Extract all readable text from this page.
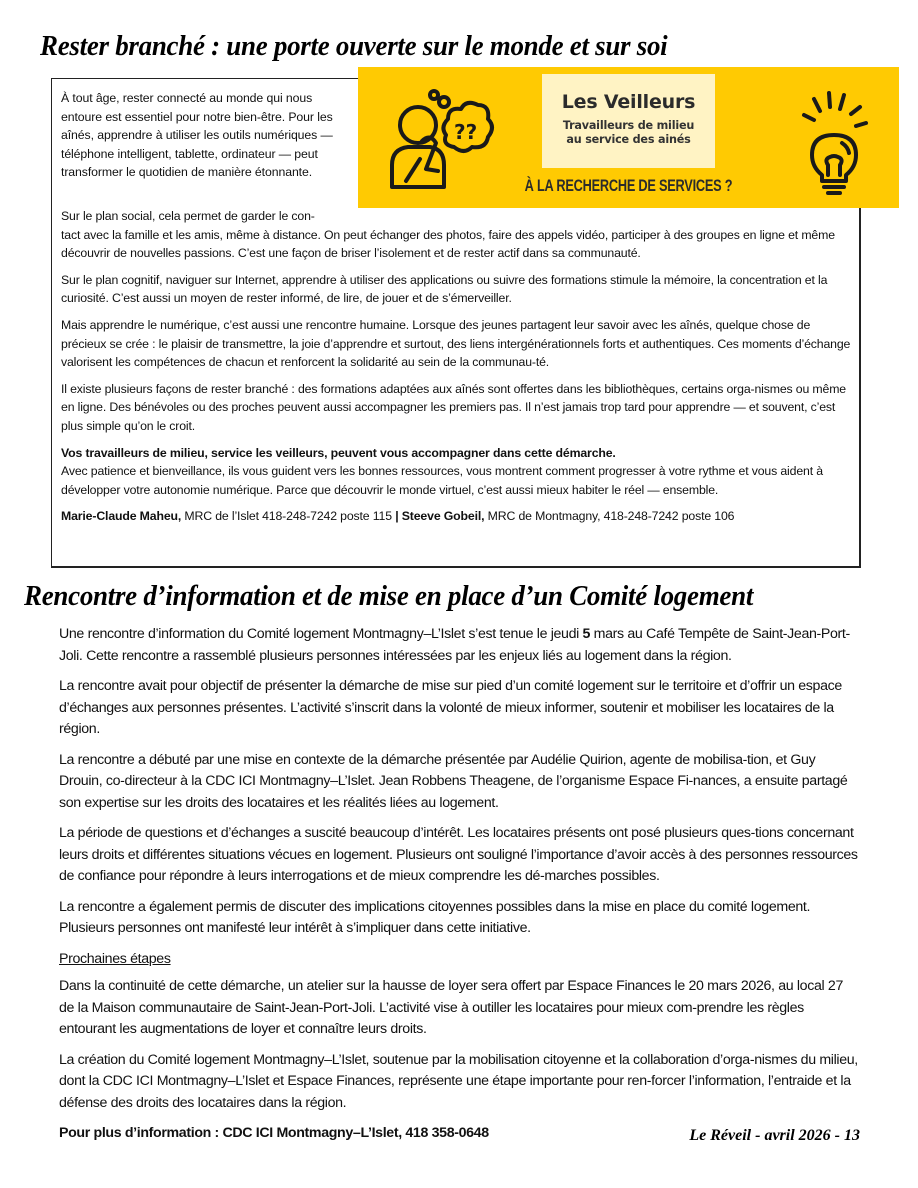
Rester branché : une porte ouverte sur le monde et sur soi

À tout âge, rester connecté au monde qui nous entoure est essentiel pour notre bien-être. Pour les aînés, apprendre à utiliser les outils numériques — téléphone intelligent, tablette, ordinateur — peut transformer le quotidien de manière étonnante.

??
Les Veilleurs
Travailleurs de milieu
au service des ainés
À LA RECHERCHE DE SERVICES ?

Sur le plan social, cela permet de garder le con-

tact avec la famille et les amis, même à distance. On peut échanger des photos, faire des appels vidéo, participer à des groupes en ligne et même découvrir de nouvelles passions. C’est une façon de briser l’isolement et de rester actif dans sa communauté.

Sur le plan cognitif, naviguer sur Internet, apprendre à utiliser des applications ou suivre des formations stimule la mémoire, la concentration et la curiosité. C’est aussi un moyen de rester informé, de lire, de jouer et de s’émerveiller.

Mais apprendre le numérique, c’est aussi une rencontre humaine. Lorsque des jeunes partagent leur savoir avec les aînés, quelque chose de précieux se crée : le plaisir de transmettre, la joie d’apprendre et surtout, des liens intergénérationnels forts et authentiques. Ces moments d’échange valorisent les compétences de chacun et renforcent la solidarité au sein de la communau-té.

Il existe plusieurs façons de rester branché : des formations adaptées aux aînés sont offertes dans les bibliothèques, certains orga-nismes ou même en ligne. Des bénévoles ou des proches peuvent aussi accompagner les premiers pas. Il n’est jamais trop tard pour apprendre — et souvent, c’est plus simple qu’on le croit.

Vos travailleurs de milieu, service les veilleurs, peuvent vous accompagner dans cette démarche.

Avec patience et bienveillance, ils vous guident vers les bonnes ressources, vous montrent comment progresser à votre rythme et vous aident à développer votre autonomie numérique. Parce que découvrir le monde virtuel, c’est aussi mieux habiter le réel — ensemble.

Marie-Claude Maheu, MRC de l’Islet 418-248-7242 poste 115 | Steeve Gobeil, MRC de Montmagny, 418-248-7242 poste 106

Rencontre d’information et de mise en place d’un Comité logement

Une rencontre d’information du Comité logement Montmagny–L’Islet s’est tenue le jeudi 5 mars au Café Tempête de Saint-Jean-Port-Joli. Cette rencontre a rassemblé plusieurs personnes intéressées par les enjeux liés au logement dans la région.

La rencontre avait pour objectif de présenter la démarche de mise sur pied d’un comité logement sur le territoire et d’offrir un espace d’échanges aux personnes présentes. L’activité s’inscrit dans la volonté de mieux informer, soutenir et mobiliser les locataires de la région.

La rencontre a débuté par une mise en contexte de la démarche présentée par Audélie Quirion, agente de mobilisa-tion, et Guy Drouin, co-directeur à la CDC ICI Montmagny–L’Islet. Jean Robbens Theagene, de l’organisme Espace Fi-nances, a ensuite partagé son expertise sur les droits des locataires et les réalités liées au logement.

La période de questions et d’échanges a suscité beaucoup d’intérêt. Les locataires présents ont posé plusieurs ques-tions concernant leurs droits et différentes situations vécues en logement. Plusieurs ont souligné l’importance d’avoir accès à des personnes ressources de confiance pour répondre à leurs interrogations et de mieux comprendre les dé-marches possibles.

La rencontre a également permis de discuter des implications citoyennes possibles dans la mise en place du comité logement. Plusieurs personnes ont manifesté leur intérêt à s’impliquer dans cette initiative.

Prochaines étapes

Dans la continuité de cette démarche, un atelier sur la hausse de loyer sera offert par Espace Finances le 20 mars 2026, au local 27 de la Maison communautaire de Saint-Jean-Port-Joli. L’activité vise à outiller les locataires pour mieux com-prendre les règles entourant les augmentations de loyer et connaître leurs droits.

La création du Comité logement Montmagny–L’Islet, soutenue par la mobilisation citoyenne et la collaboration d’orga-nismes du milieu, dont la CDC ICI Montmagny–L’Islet et Espace Finances, représente une étape importante pour ren-forcer l’information, l’entraide et la défense des droits des locataires dans la région.

Pour plus d’information : CDC ICI Montmagny–L’Islet, 418 358-0648	Le Réveil - avril 2026 - 13
